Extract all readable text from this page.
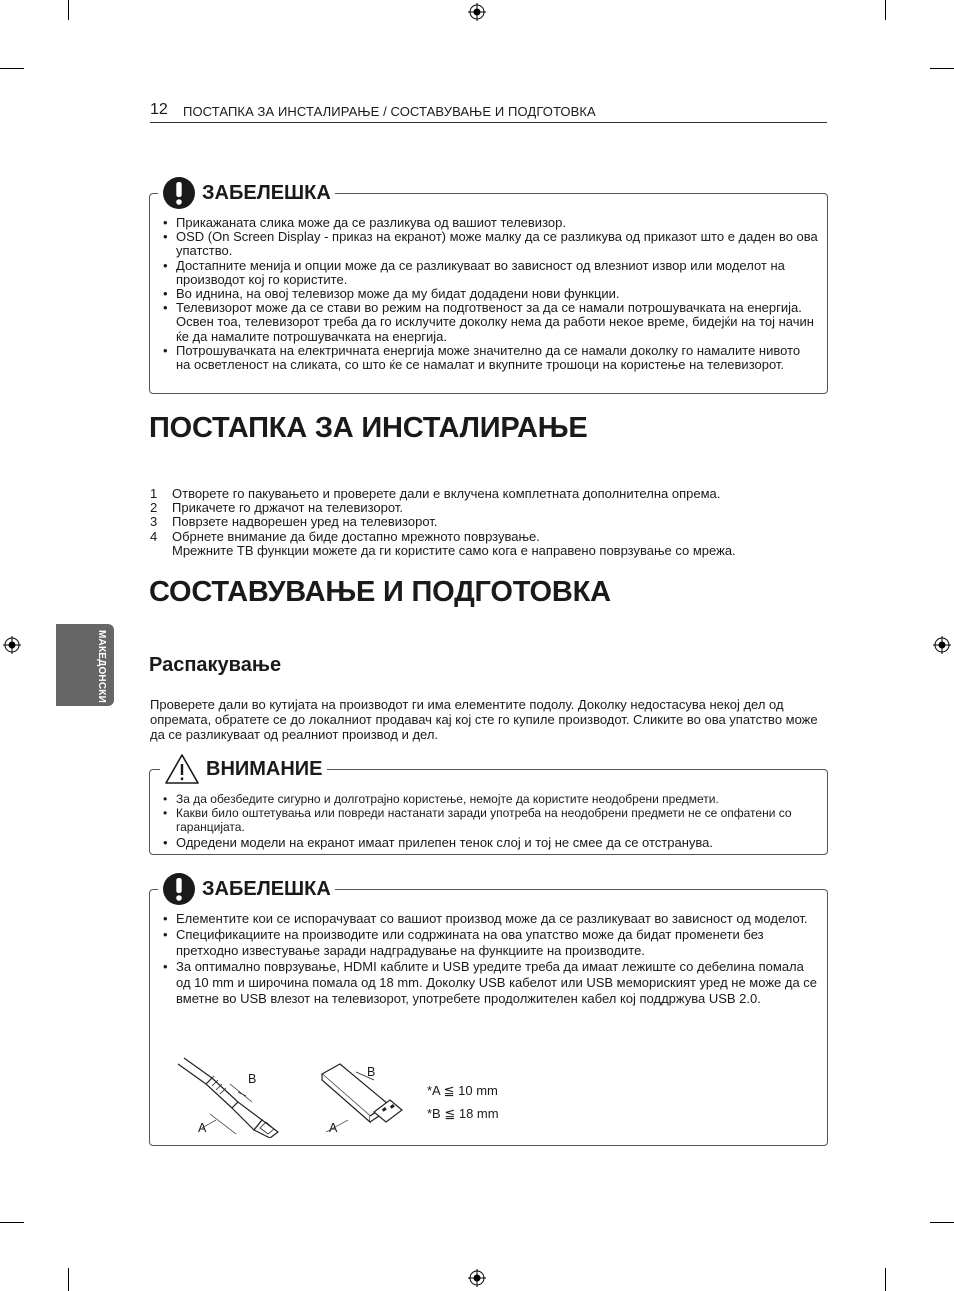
12 ПОСТАПКА ЗА ИНСТАЛИРАЊЕ / СОСТАВУВАЊЕ И ПОДГОТОВКА
МАКЕДОНСКИ
ЗАБЕЛЕШКА
• Прикажаната слика може да се разликува од вашиот телевизор.
• OSD (On Screen Display - приказ на екранот) може малку да се разликува од приказот што е даден во ова упатство.
• Достапните менија и опции може да се разликуваат во зависност од влезниот извор или моделот на производот кој го користите.
• Во иднина, на овој телевизор може да му бидат додадени нови функции.
• Телевизорот може да се стави во режим на подготвеност за да се намали потрошувачката на енергија. Освен тоа, телевизорот треба да го исклучите доколку нема да работи некое време, бидејќи на тој начин ќе да намалите потрошувачката на енергија.
• Потрошувачката на електричната енергија може значително да се намали доколку го намалите нивото на осветленост на сликата, со што ќе се намалат и вкупните трошоци на користење на телевизорот.
ПОСТАПКА ЗА ИНСТАЛИРАЊЕ
1 Отворете го пакувањето и проверете дали е вклучена комплетната дополнителна опрема.
2 Прикачете го држачот на телевизорот.
3 Поврзете надворешен уред на телевизорот.
4 Обрнете внимание да биде достапно мрежното поврзување.
Мрежните ТВ функции можете да ги користите само кога е направено поврзување со мрежа.
СОСТАВУВАЊЕ И ПОДГОТОВКА
Распакување

Проверете дали во кутијата на производот ги има елементите подолу. Доколку недостасува некој дел од опремата, обратете се до локалниот продавач кај кој сте го купиле производот. Сликите во ова упатство може да се разликуваат од реалниот производ и дел.

ВНИМАНИЕ
• За да обезбедите сигурно и долготрајно користење, немојте да користите неодобрени предмети.
• Какви било оштетувања или повреди настанати заради употреба на неодобрени предмети не се опфатени со гаранцијата.
• Одредени модели на екранот имаат прилепен тенок слој и тој не смее да се отстранува.
ЗАБЕЛЕШКА
• Елементите кои се испорачуваат со вашиот производ може да се разликуваат во зависност од моделот.
• Спецификациите на производите или содржината на ова упатство може да бидат променети без претходно известување заради надградување на функциите на производите.
• За оптимално поврзување, HDMI каблите и USB уредите треба да имаат лежиште со дебелина помала од 10 mm и широчина помала од 18 mm. Доколку USB кабелот или USB мемориският уред не може да се вметне во USB влезот на телевизорот, употребете продолжителен кабел кој поддржува USB 2.0.
B
A
B
A
*A ≦ 10 mm
*B ≦ 18 mm
